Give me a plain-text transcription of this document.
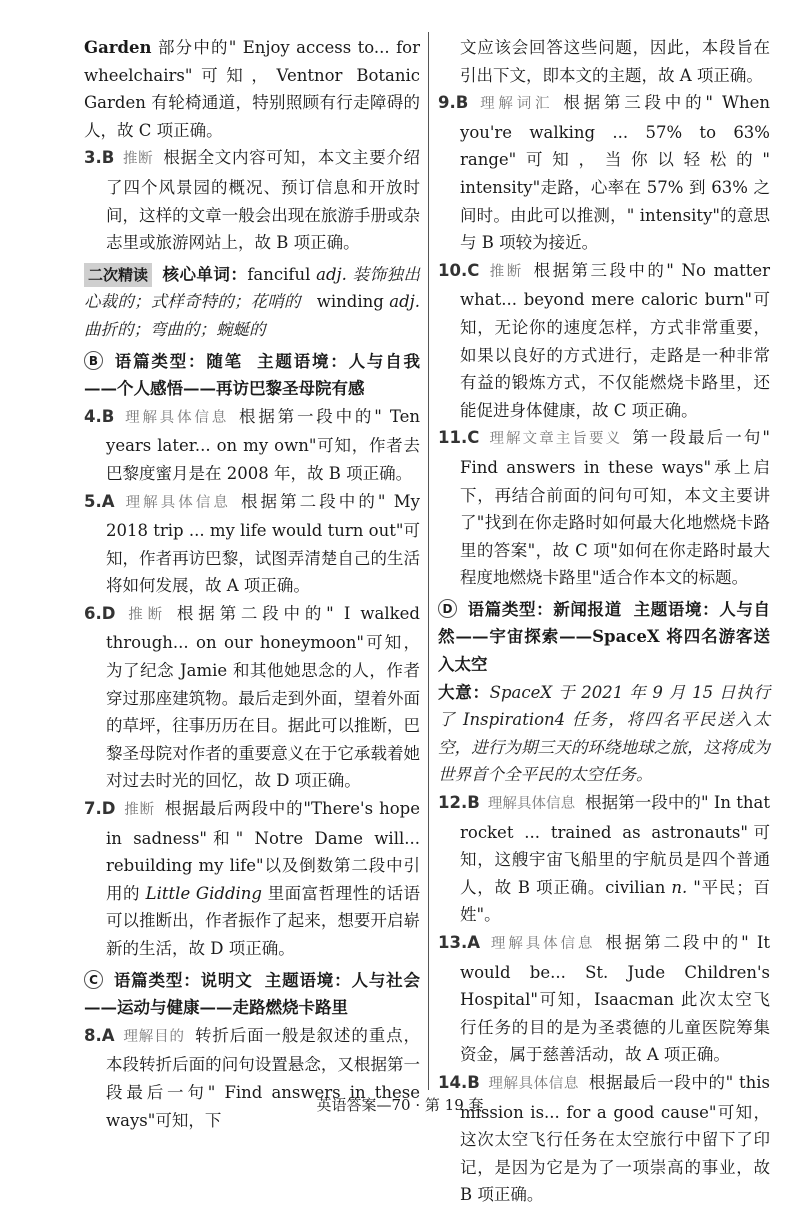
Garden 部分中的" Enjoy access to... for wheelchairs"可知，Ventnor Botanic Garden 有轮椅通道，特别照顾有行走障碍的人，故 C 项正确。

3.B 推断 根据全文内容可知，本文主要介绍了四个风景园的概况、预订信息和开放时间，这样的文章一般会出现在旅游手册或杂志里或旅游网站上，故 B 项正确。

二次精读 核心单词：fanciful adj. 装饰独出心裁的；式样奇特的；花哨的 winding adj. 曲折的；弯曲的；蜿蜒的

B 语篇类型：随笔 主题语境：人与自我——个人感悟——再访巴黎圣母院有感

4.B 理解具体信息 根据第一段中的" Ten years later... on my own"可知，作者去巴黎度蜜月是在 2008 年，故 B 项正确。

5.A 理解具体信息 根据第二段中的" My 2018 trip ... my life would turn out"可知，作者再访巴黎，试图弄清楚自己的生活将如何发展，故 A 项正确。

6.D 推断 根据第二段中的" I walked through... on our honeymoon"可知，为了纪念 Jamie 和其他她思念的人，作者穿过那座建筑物。最后走到外面，望着外面的草坪，往事历历在目。据此可以推断，巴黎圣母院对作者的重要意义在于它承载着她对过去时光的回忆，故 D 项正确。

7.D 推断 根据最后两段中的"There's hope in sadness"和" Notre Dame will... rebuilding my life"以及倒数第二段中引用的 Little Gidding 里面富哲理性的话语可以推断出，作者振作了起来，想要开启崭新的生活，故 D 项正确。

C 语篇类型：说明文 主题语境：人与社会——运动与健康——走路燃烧卡路里

8.A 理解目的 转折后面一般是叙述的重点，本段转折后面的问句设置悬念，又根据第一段最后一句" Find answers in these ways"可知，下

文应该会回答这些问题，因此，本段旨在引出下文，即本文的主题，故 A 项正确。

9.B 理解词汇 根据第三段中的" When you're walking ... 57% to 63% range"可知，当你以轻松的" intensity"走路，心率在 57% 到 63% 之间时。由此可以推测，" intensity"的意思与 B 项较为接近。

10.C 推断 根据第三段中的" No matter what... beyond mere caloric burn"可知，无论你的速度怎样，方式非常重要，如果以良好的方式进行，走路是一种非常有益的锻炼方式，不仅能燃烧卡路里，还能促进身体健康，故 C 项正确。

11.C 理解文章主旨要义 第一段最后一句" Find answers in these ways"承上启下，再结合前面的问句可知，本文主要讲了"找到在你走路时如何最大化地燃烧卡路里的答案"，故 C 项"如何在你走路时最大程度地燃烧卡路里"适合作本文的标题。

D 语篇类型：新闻报道 主题语境：人与自然——宇宙探索——SpaceX 将四名游客送入太空

大意：SpaceX 于 2021 年 9 月 15 日执行了 Inspiration4 任务，将四名平民送入太空，进行为期三天的环绕地球之旅，这将成为世界首个全平民的太空任务。

12.B 理解具体信息 根据第一段中的" In that rocket ... trained as astronauts"可知，这艘宇宙飞船里的宇航员是四个普通人，故 B 项正确。civilian n. "平民；百姓"。

13.A 理解具体信息 根据第二段中的" It would be... St. Jude Children's Hospital"可知，Isaacman 此次太空飞行任务的目的是为圣裘德的儿童医院筹集资金，属于慈善活动，故 A 项正确。

14.B 理解具体信息 根据最后一段中的" this mission is... for a good cause"可知，这次太空飞行任务在太空旅行中留下了印记，是因为它是为了一项崇高的事业，故 B 项正确。

英语答案—70 · 第 19 套
